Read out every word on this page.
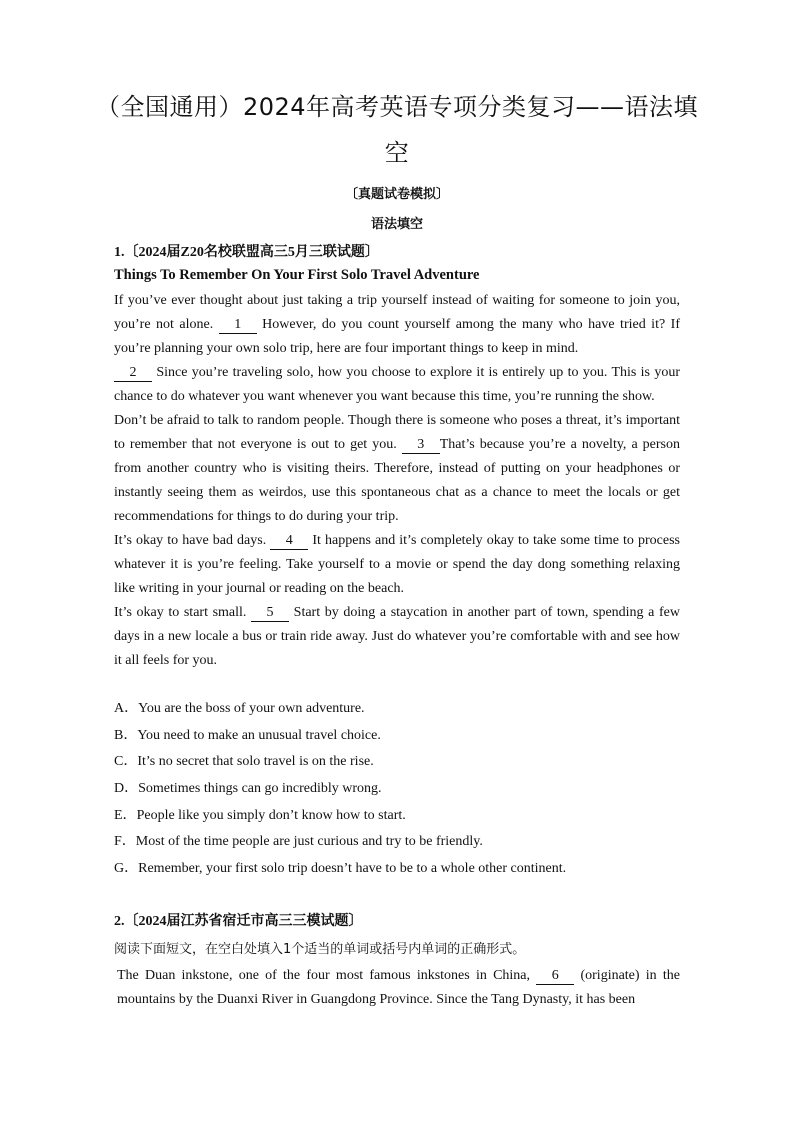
（全国通用）2024年高考英语专项分类复习——语法填空
〔真题试卷模拟〕
语法填空
1.〔2024届Z20名校联盟高三5月三联试题〕
Things To Remember On Your First Solo Travel Adventure

If you’ve ever thought about just taking a trip yourself instead of waiting for someone to join you, you’re not alone. 1 However, do you count yourself among the many who have tried it? If you’re planning your own solo trip, here are four important things to keep in mind.

2 Since you’re traveling solo, how you choose to explore it is entirely up to you. This is your chance to do whatever you want whenever you want because this time, you’re running the show.

Don’t be afraid to talk to random people. Though there is someone who poses a threat, it’s important to remember that not everyone is out to get you. 3 That’s because you’re a novelty, a person from another country who is visiting theirs. Therefore, instead of putting on your headphones or instantly seeing them as weirdos, use this spontaneous chat as a chance to meet the locals or get recommendations for things to do during your trip.

It’s okay to have bad days. 4 It happens and it’s completely okay to take some time to process whatever it is you’re feeling. Take yourself to a movie or spend the day dong something relaxing like writing in your journal or reading on the beach.

It’s okay to start small. 5 Start by doing a staycation in another part of town, spending a few days in a new locale a bus or train ride away. Just do whatever you’re comfortable with and see how it all feels for you.

A．You are the boss of your own adventure.
B．You need to make an unusual travel choice.
C．It’s no secret that solo travel is on the rise.
D．Sometimes things can go incredibly wrong.
E．People like you simply don’t know how to start.
F．Most of the time people are just curious and try to be friendly.
G．Remember, your first solo trip doesn’t have to be to a whole other continent.
2.〔2024届江苏省宿迁市高三三模试题〕
阅读下面短文，在空白处填入1个适当的单词或括号内单词的正确形式。

The Duan inkstone, one of the four most famous inkstones in China, 6 (originate) in the mountains by the Duanxi River in Guangdong Province. Since the Tang Dynasty, it has been
